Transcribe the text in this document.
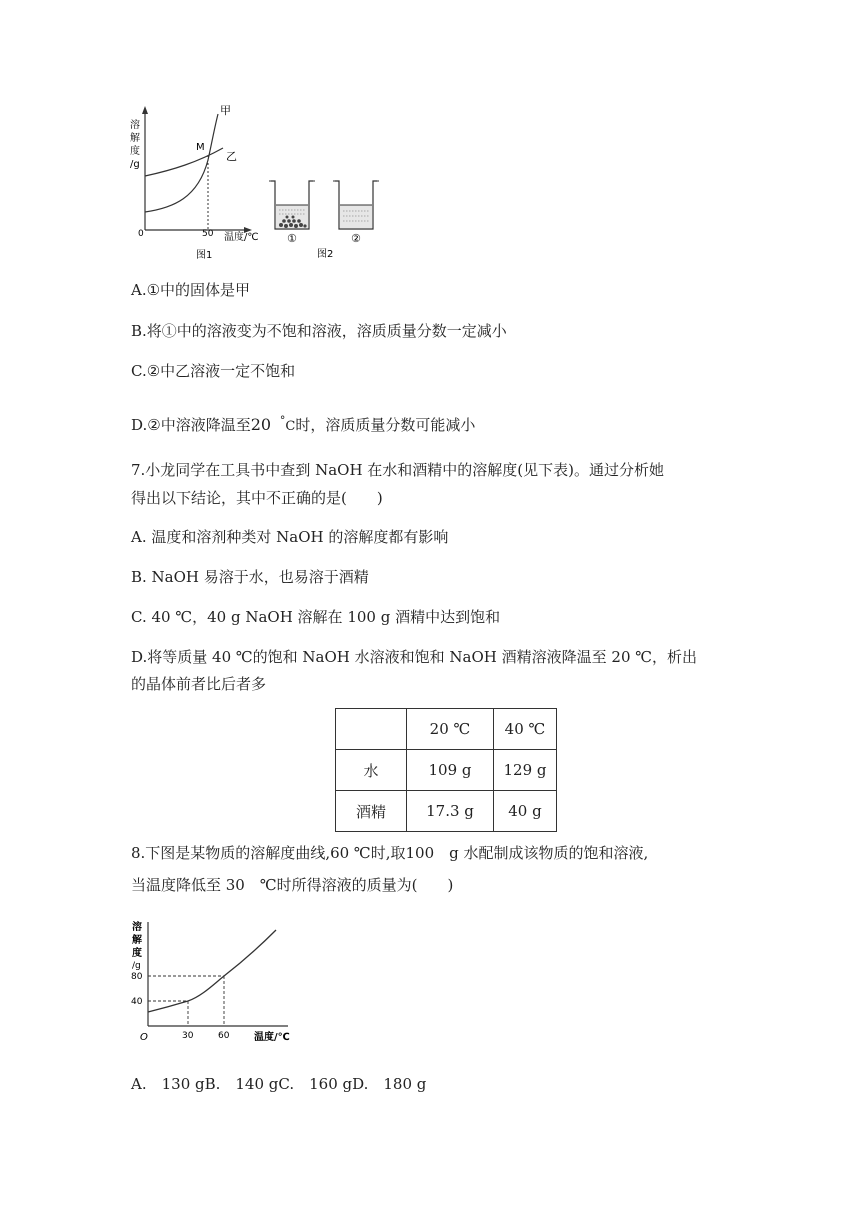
溶
解
度
/g
甲
乙
M
0	50 温度/℃
图1
①	②
图2
A.①中的固体是甲
B.将①中的溶液变为不饱和溶液，溶质质量分数一定减小
C.②中乙溶液一定不饱和
D.②中溶液降温至20 °C时，溶质质量分数可能减小
7.小龙同学在工具书中查到 NaOH 在水和酒精中的溶解度(见下表)。通过分析她
得出以下结论，其中不正确的是(　　)
A. 温度和溶剂种类对 NaOH 的溶解度都有影响
B. NaOH 易溶于水，也易溶于酒精
C. 40 ℃，40 g NaOH 溶解在 100 g 酒精中达到饱和
D.将等质量 40 ℃的饱和 NaOH 水溶液和饱和 NaOH 酒精溶液降温至 20 ℃，析出
的晶体前者比后者多
	20 ℃	40 ℃
水	109 g	129 g
酒精	17.3 g	40 g
8.下图是某物质的溶解度曲线,60 ℃时,取100　g 水配制成该物质的饱和溶液,
当温度降低至 30　℃时所得溶液的质量为(　　)
溶
解
度
/g
80
40
O	30	60 温度/℃
A.　130 gB.　140 gC.　160 gD.　180 g
